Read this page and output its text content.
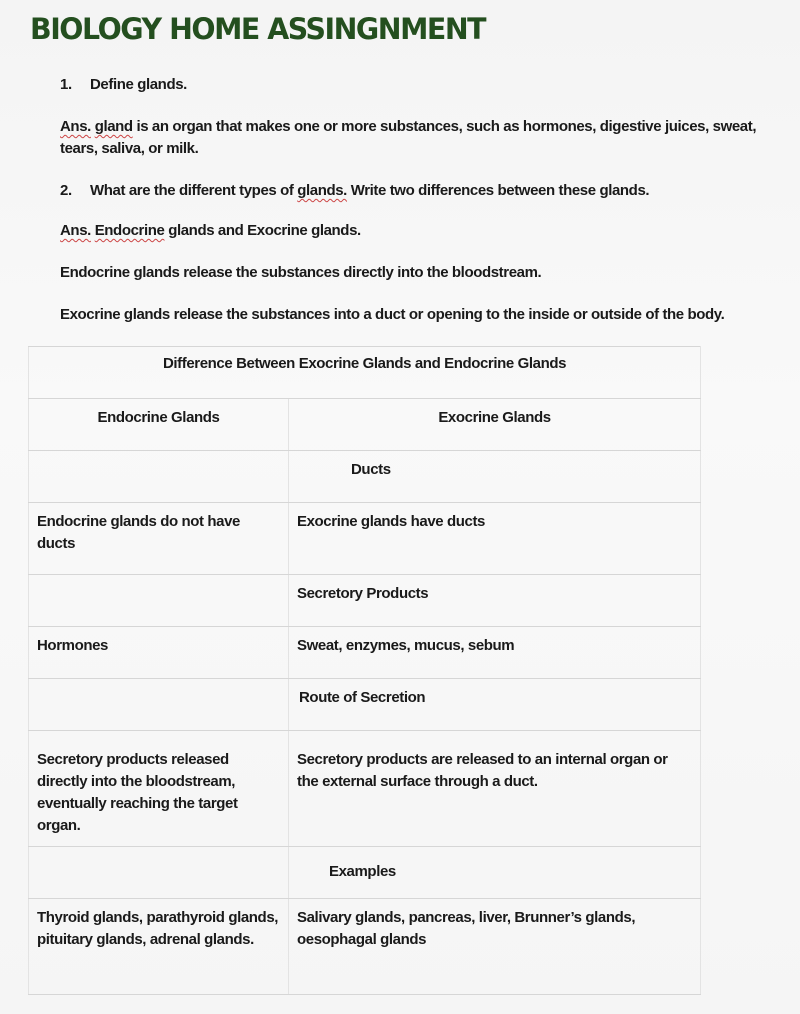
BIOLOGY HOME ASSINGNMENT
1. Define glands.
Ans. gland is an organ that makes one or more substances, such as hormones, digestive juices, sweat, tears, saliva, or milk.
2. What are the different types of glands. Write two differences between these glands.
Ans. Endocrine glands and Exocrine glands.
Endocrine glands release the substances directly into the bloodstream.
Exocrine glands release the substances into a duct or opening to the inside or outside of the body.
Difference Between Exocrine Glands and Endocrine Glands	
Endocrine Glands	Exocrine Glands
	Ducts
Endocrine glands do not have ducts	Exocrine glands have ducts
	Secretory Products
Hormones	Sweat, enzymes, mucus, sebum
	Route of Secretion
Secretory products released directly into the bloodstream, eventually reaching the target organ.	Secretory products are released to an internal organ or the external surface through a duct.
	Examples
Thyroid glands, parathyroid glands, pituitary glands, adrenal glands.	Salivary glands, pancreas, liver, Brunner’s glands, oesophagal glands
